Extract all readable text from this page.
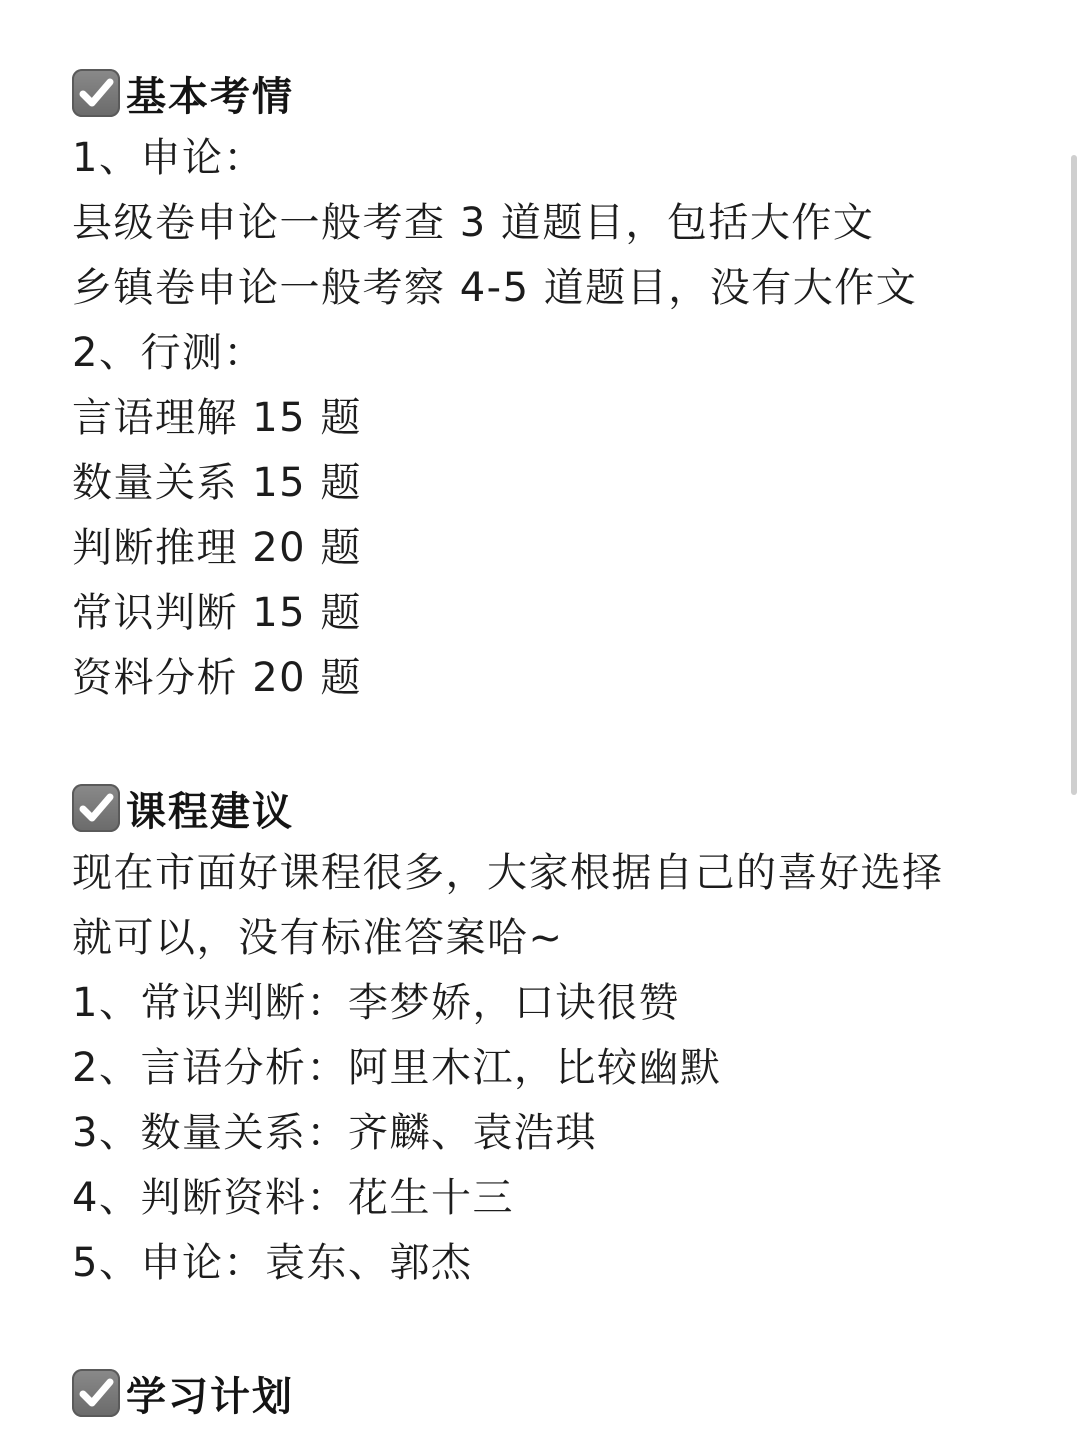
基本考情
1、申论：
县级卷申论一般考查 3 道题目，包括大作文
乡镇卷申论一般考察 4-5 道题目，没有大作文
2、行测：
言语理解 15 题
数量关系 15 题
判断推理 20 题
常识判断 15 题
资料分析 20 题
课程建议
现在市面好课程很多，大家根据自己的喜好选择
就可以，没有标准答案哈~
1、常识判断：李梦娇，口诀很赞
2、言语分析：阿里木江，比较幽默
3、数量关系：齐麟、袁浩琪
4、判断资料：花生十三
5、申论：袁东、郭杰
学习计划
